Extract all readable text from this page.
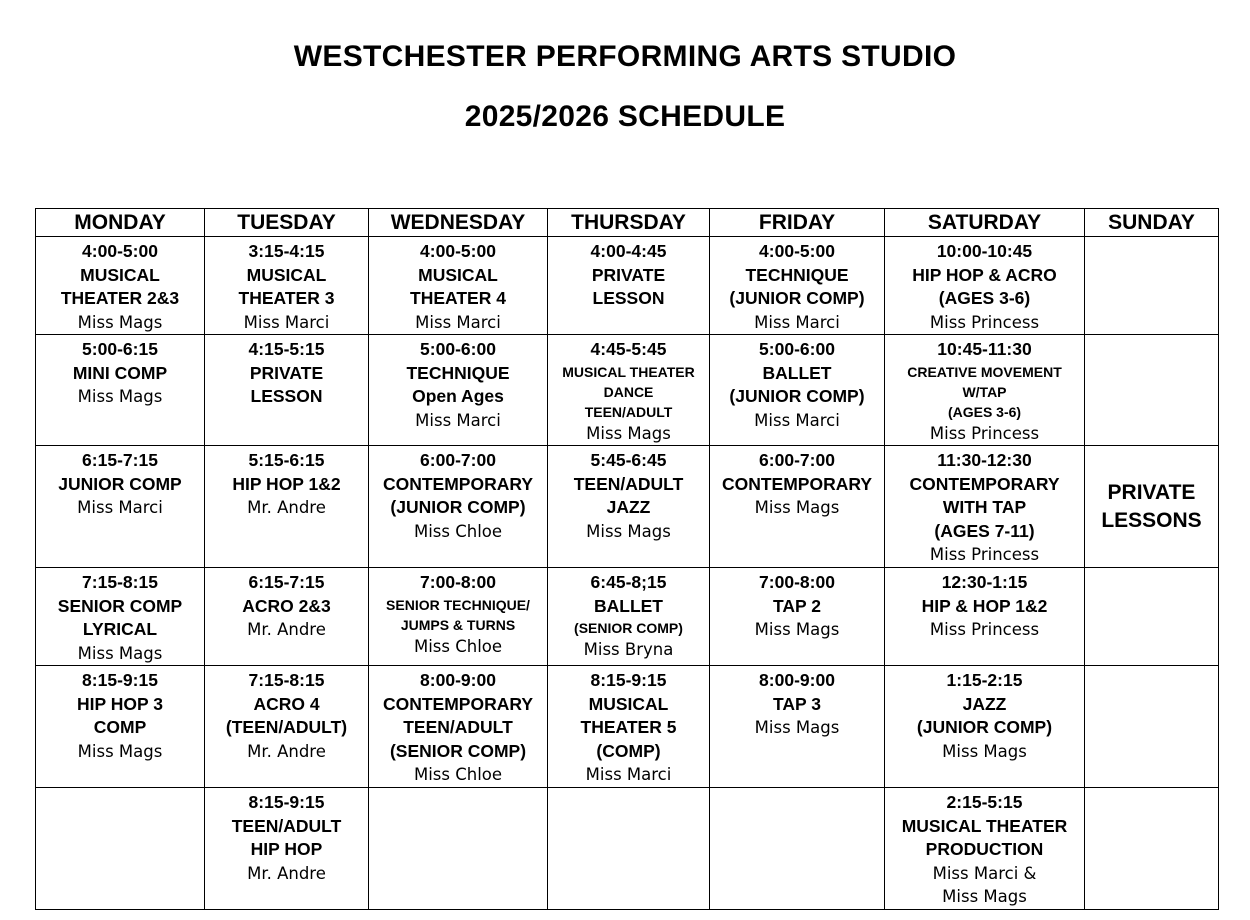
WESTCHESTER PERFORMING ARTS STUDIO
2025/2026 SCHEDULE
MONDAY	TUESDAY	WEDNESDAY	THURSDAY	FRIDAY	SATURDAY	SUNDAY

4:00-5:00
MUSICAL
THEATER 2&3
Miss Mags	3:15-4:15
MUSICAL
THEATER 3
Miss Marci	4:00-5:00
MUSICAL
THEATER 4
Miss Marci	4:00-4:45
PRIVATE
LESSON	4:00-5:00
TECHNIQUE
(JUNIOR COMP)
Miss Marci	10:00-10:45
HIP HOP & ACRO
(AGES 3-6)
Miss Princess	

5:00-6:15
MINI COMP
Miss Mags	4:15-5:15
PRIVATE
LESSON	5:00-6:00
TECHNIQUE
Open Ages
Miss Marci	4:45-5:45
MUSICAL THEATER
DANCE
TEEN/ADULT
Miss Mags	5:00-6:00
BALLET
(JUNIOR COMP)
Miss Marci	10:45-11:30
CREATIVE MOVEMENT
W/TAP
(AGES 3-6)
Miss Princess	

6:15-7:15
JUNIOR COMP
Miss Marci	5:15-6:15
HIP HOP 1&2
Mr. Andre	6:00-7:00
CONTEMPORARY
(JUNIOR COMP)
Miss Chloe	5:45-6:45
TEEN/ADULT
JAZZ
Miss Mags	6:00-7:00
CONTEMPORARY
Miss Mags	11:30-12:30
CONTEMPORARY
WITH TAP
(AGES 7-11)
Miss Princess	PRIVATE
LESSONS

7:15-8:15
SENIOR COMP
LYRICAL
Miss Mags	6:15-7:15
ACRO 2&3
Mr. Andre	7:00-8:00
SENIOR TECHNIQUE/
JUMPS & TURNS
Miss Chloe	6:45-8;15
BALLET
(SENIOR COMP)
Miss Bryna	7:00-8:00
TAP 2
Miss Mags	12:30-1:15
HIP & HOP 1&2
Miss Princess	

8:15-9:15
HIP HOP 3
COMP
Miss Mags	7:15-8:15
ACRO 4
(TEEN/ADULT)
Mr. Andre	8:00-9:00
CONTEMPORARY
TEEN/ADULT
(SENIOR COMP)
Miss Chloe	8:15-9:15
MUSICAL
THEATER 5
(COMP)
Miss Marci	8:00-9:00
TAP 3
Miss Mags	1:15-2:15
JAZZ
(JUNIOR COMP)
Miss Mags	

	8:15-9:15
TEEN/ADULT
HIP HOP
Mr. Andre				2:15-5:15
MUSICAL THEATER
PRODUCTION
Miss Marci &
Miss Mags	
